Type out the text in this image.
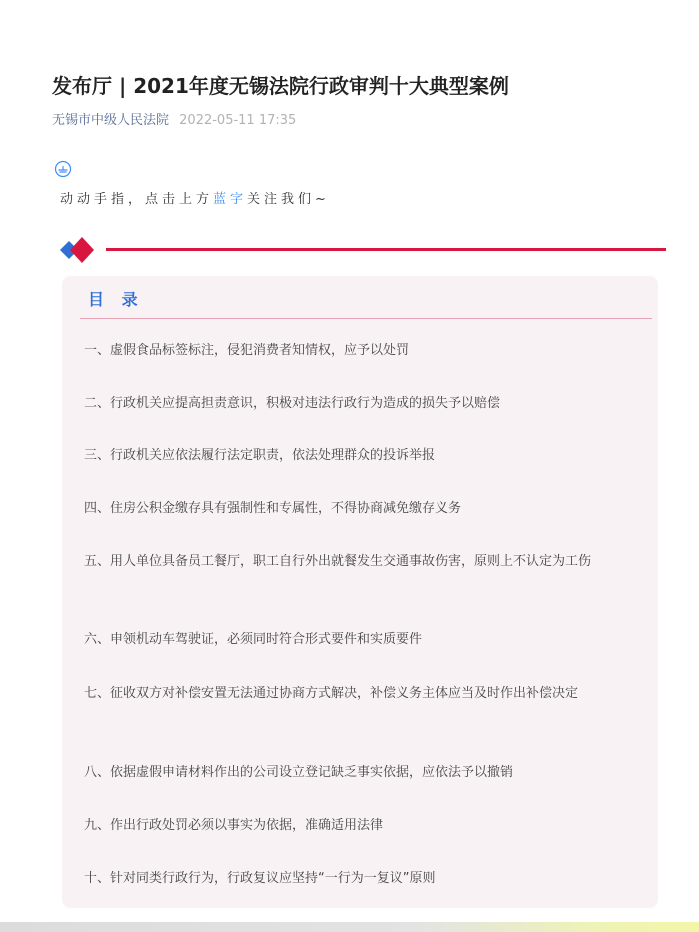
发布厅 | 2021年度无锡法院行政审判十大典型案例
无锡市中级人民法院 2022-05-11 17:35
动动手指，点击上方蓝字关注我们~
目 录
一、虚假食品标签标注，侵犯消费者知情权，应予以处罚
二、行政机关应提高担责意识，积极对违法行政行为造成的损失予以赔偿
三、行政机关应依法履行法定职责，依法处理群众的投诉举报
四、住房公积金缴存具有强制性和专属性，不得协商减免缴存义务
五、用人单位具备员工餐厅，职工自行外出就餐发生交通事故伤害，原则上不认定为工伤
六、申领机动车驾驶证，必须同时符合形式要件和实质要件
七、征收双方对补偿安置无法通过协商方式解决，补偿义务主体应当及时作出补偿决定
八、依据虚假申请材料作出的公司设立登记缺乏事实依据，应依法予以撤销
九、作出行政处罚必须以事实为依据，准确适用法律
十、针对同类行政行为，行政复议应坚持“一行为一复议”原则
